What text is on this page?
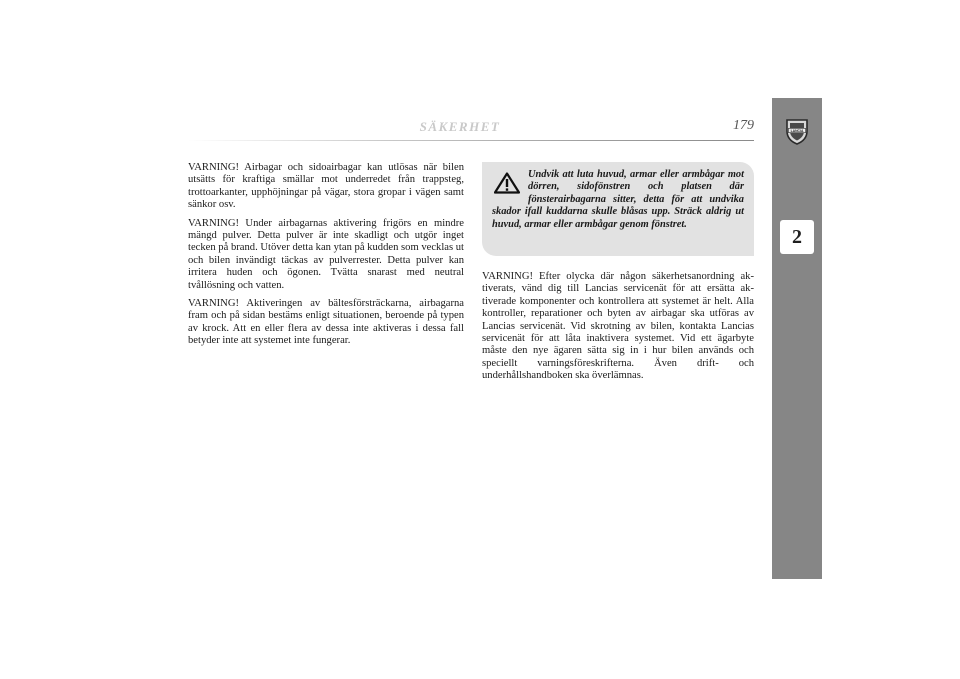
SÄKERHET	179	LANCIA
2

VARNING! Airbagar och sidoairbagar kan utlösas när bilen utsätts för kraftiga smällar mot underredet från trappsteg, trottoarkanter, upphöjningar på vägar, stora gropar i vägen samt sänkor osv.

VARNING! Under airbagarnas aktivering frigörs en mindre mängd pulver. Detta pulver är inte skadligt och utgör inget tecken på brand. Utöver detta kan ytan på kudden som vecklas ut och bilen invändigt täckas av pulverrester. Detta pulver kan irritera huden och ögonen. Tvätta snarast med neutral tvållösning och vatten.

VARNING! Aktiveringen av bältesförsträckarna, airbagarna fram och på sidan bestäms enligt situationen, beroende på typen av krock. Att en eller flera av dessa inte aktiveras i dessa fall betyder inte att systemet inte fungerar.

Undvik att luta huvud, armar eller armbågar mot dörren, sidofönstren och platsen där fönsterairbagarna sitter, detta för att undvika skador ifall kuddarna skulle blåsas upp. Sträck aldrig ut huvud, armar eller armbågar genom fönstret.

VARNING! Efter olycka där någon säkerhetsanordning aktiverats, vänd dig till Lancias servicenät för att ersätta aktiverade komponenter och kontrollera att systemet är helt. Alla kontroller, reparationer och byten av airbagar ska utföras av Lancias servicenät. Vid skrotning av bilen, kontakta Lancias servicenät för att låta inaktivera systemet. Vid ett ägarbyte måste den nye ägaren sätta sig in i hur bilen används och speciellt varningsföreskrifterna. Även drift- och underhållshandboken ska överlämnas.
